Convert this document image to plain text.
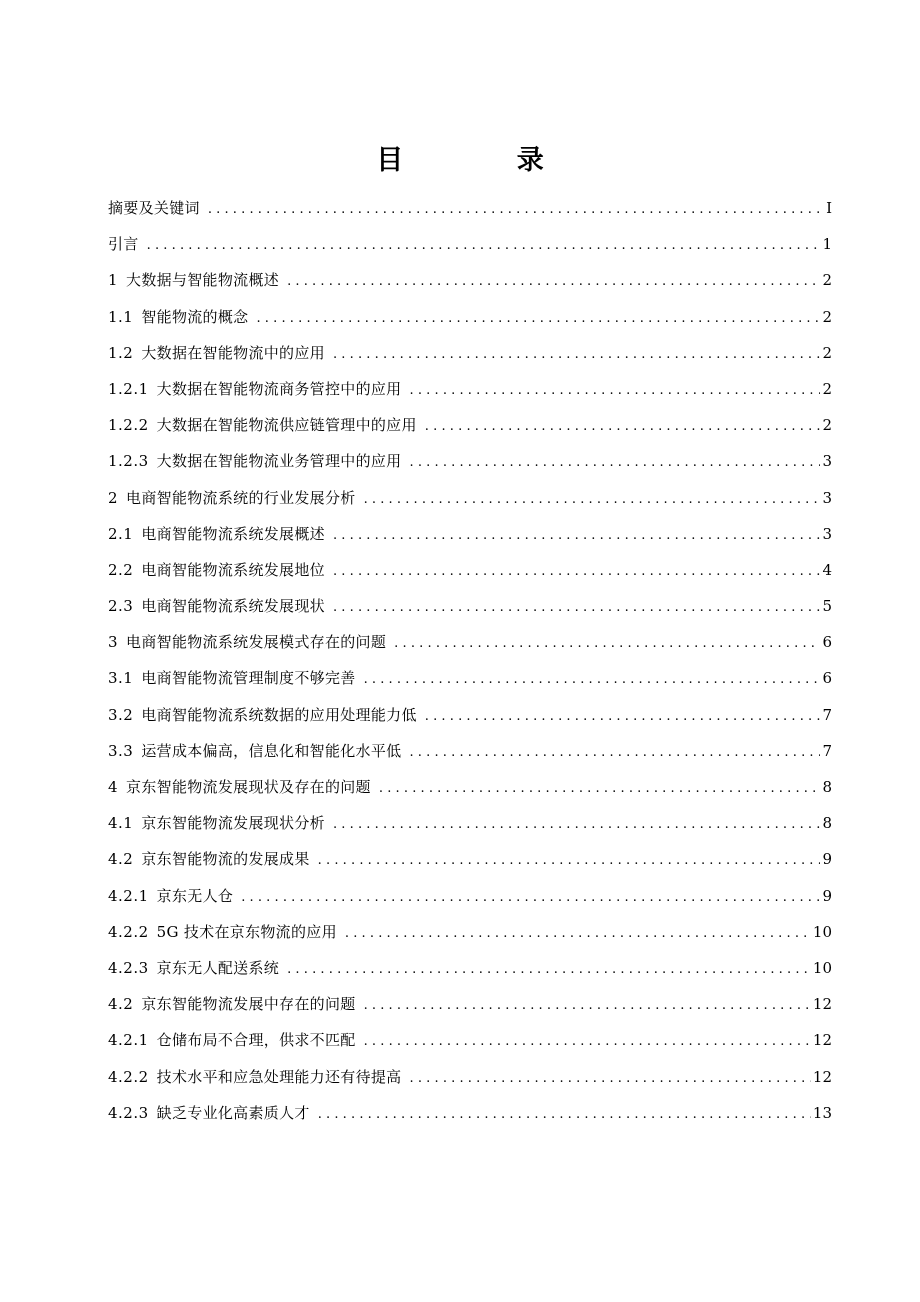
目 录
摘要及关键词 .....	I
引言 .....	1
1 大数据与智能物流概述 .....	2
1.1 智能物流的概念 .....	2
1.2 大数据在智能物流中的应用 .....	2
1.2.1 大数据在智能物流商务管控中的应用 .....	2
1.2.2 大数据在智能物流供应链管理中的应用 .....	2
1.2.3 大数据在智能物流业务管理中的应用 .....	3
2 电商智能物流系统的行业发展分析 .....	3
2.1 电商智能物流系统发展概述 .....	3
2.2 电商智能物流系统发展地位 .....	4
2.3 电商智能物流系统发展现状 .....	5
3 电商智能物流系统发展模式存在的问题 .....	6
3.1 电商智能物流管理制度不够完善 .....	6
3.2 电商智能物流系统数据的应用处理能力低 .....	7
3.3 运营成本偏高，信息化和智能化水平低 .....	7
4 京东智能物流发展现状及存在的问题 .....	8
4.1 京东智能物流发展现状分析 .....	8
4.2 京东智能物流的发展成果 .....	9
4.2.1 京东无人仓 .....	9
4.2.2 5G 技术在京东物流的应用 .....	10
4.2.3 京东无人配送系统 .....	10
4.2 京东智能物流发展中存在的问题 .....	12
4.2.1 仓储布局不合理，供求不匹配 .....	12
4.2.2 技术水平和应急处理能力还有待提高 .....	12
4.2.3 缺乏专业化高素质人才 .....	13
